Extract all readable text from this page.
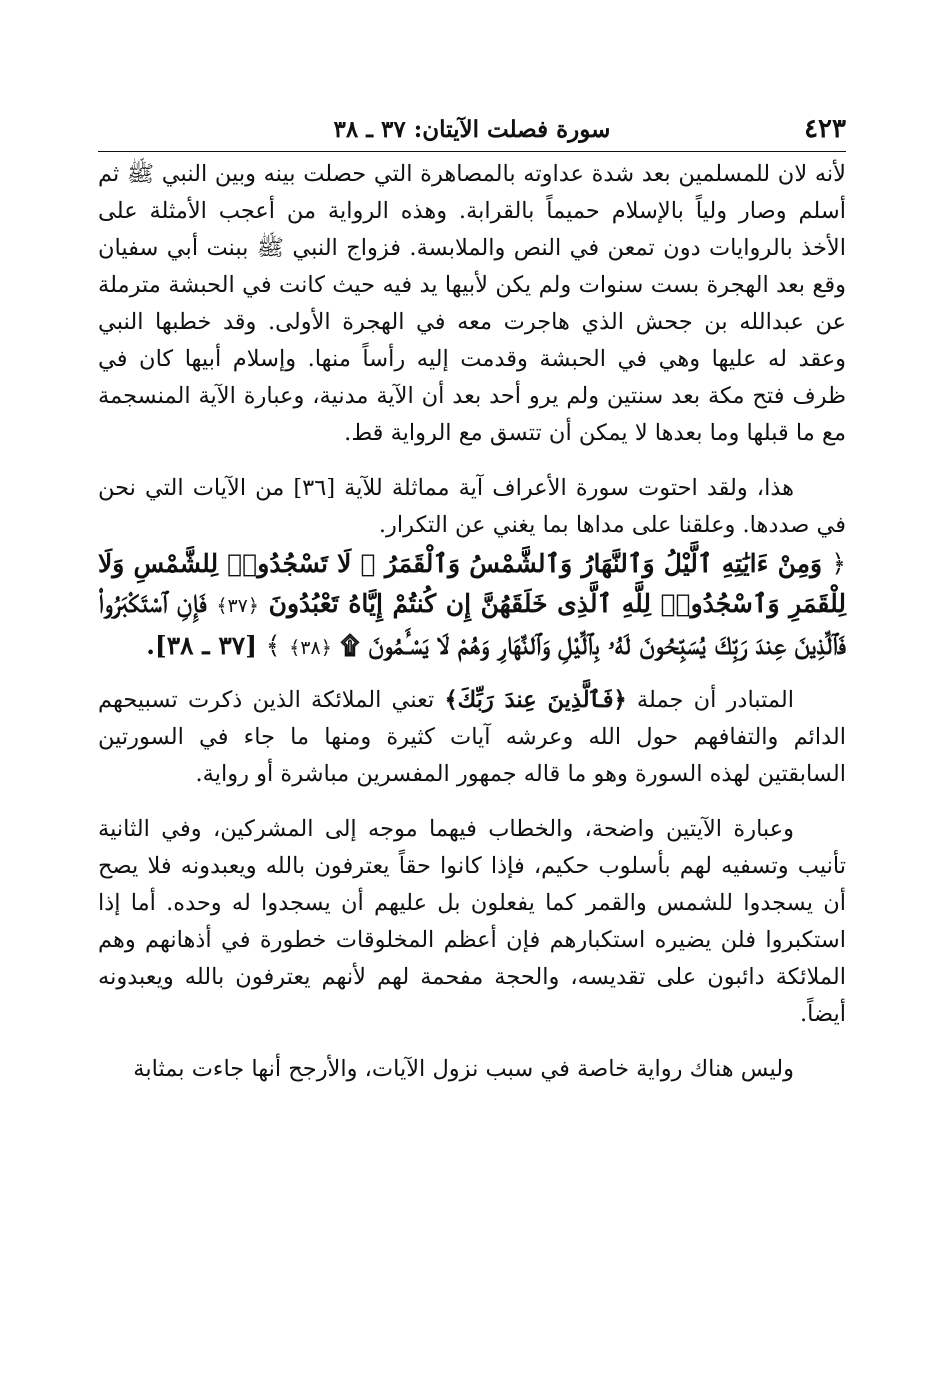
٤٢٣
سورة فصلت الآيتان: ٣٧ ـ ٣٨

لأنه لان للمسلمين بعد شدة عداوته بالمصاهرة التي حصلت بينه وبين النبي ﷺ ثم أسلم وصار ولياً بالإسلام حميماً بالقرابة. وهذه الرواية من أعجب الأمثلة على الأخذ بالروايات دون تمعن في النص والملابسة. فزواج النبي ﷺ ببنت أبي سفيان وقع بعد الهجرة بست سنوات ولم يكن لأبيها يد فيه حيث كانت في الحبشة مترملة عن عبدالله بن جحش الذي هاجرت معه في الهجرة الأولى. وقد خطبها النبي وعقد له عليها وهي في الحبشة وقدمت إليه رأساً منها. وإسلام أبيها كان في ظرف فتح مكة بعد سنتين ولم يرو أحد بعد أن الآية مدنية، وعبارة الآية المنسجمة مع ما قبلها وما بعدها لا يمكن أن تتسق مع الرواية قط.

هذا، ولقد احتوت سورة الأعراف آية مماثلة للآية [٣٦] من الآيات التي نحن في صددها. وعلقنا على مداها بما يغني عن التكرار.

﴿ وَمِنْ ءَايَٰتِهِ ٱلَّيْلُ وَٱلنَّهَارُ وَٱلشَّمْسُ وَٱلْقَمَرُ ۚ لَا تَسْجُدُوا۟ لِلشَّمْسِ وَلَا لِلْقَمَرِ وَٱسْجُدُوا۟ لِلَّهِ ٱلَّذِى خَلَقَهُنَّ إِن كُنتُمْ إِيَّاهُ تَعْبُدُونَ ﴿٣٧﴾ فَإِنِ ٱسْتَكْبَرُوا۟ فَٱلَّذِينَ عِندَ رَبِّكَ يُسَبِّحُونَ لَهُۥ بِٱلَّيْلِ وَٱلنَّهَارِ وَهُمْ لَا يَسْـَٔمُونَ ۩ ﴿٣٨﴾ ﴾ [٣٧ ـ ٣٨].

المتبادر أن جملة ﴿فَٱلَّذِينَ عِندَ رَبِّكَ﴾ تعني الملائكة الذين ذكرت تسبيحهم الدائم والتفافهم حول الله وعرشه آيات كثيرة ومنها ما جاء في السورتين السابقتين لهذه السورة وهو ما قاله جمهور المفسرين مباشرة أو رواية.

وعبارة الآيتين واضحة، والخطاب فيهما موجه إلى المشركين، وفي الثانية تأنيب وتسفيه لهم بأسلوب حكيم، فإذا كانوا حقاً يعترفون بالله ويعبدونه فلا يصح أن يسجدوا للشمس والقمر كما يفعلون بل عليهم أن يسجدوا له وحده. أما إذا استكبروا فلن يضيره استكبارهم فإن أعظم المخلوقات خطورة في أذهانهم وهم الملائكة دائبون على تقديسه، والحجة مفحمة لهم لأنهم يعترفون بالله ويعبدونه أيضاً.

وليس هناك رواية خاصة في سبب نزول الآيات، والأرجح أنها جاءت بمثابة
